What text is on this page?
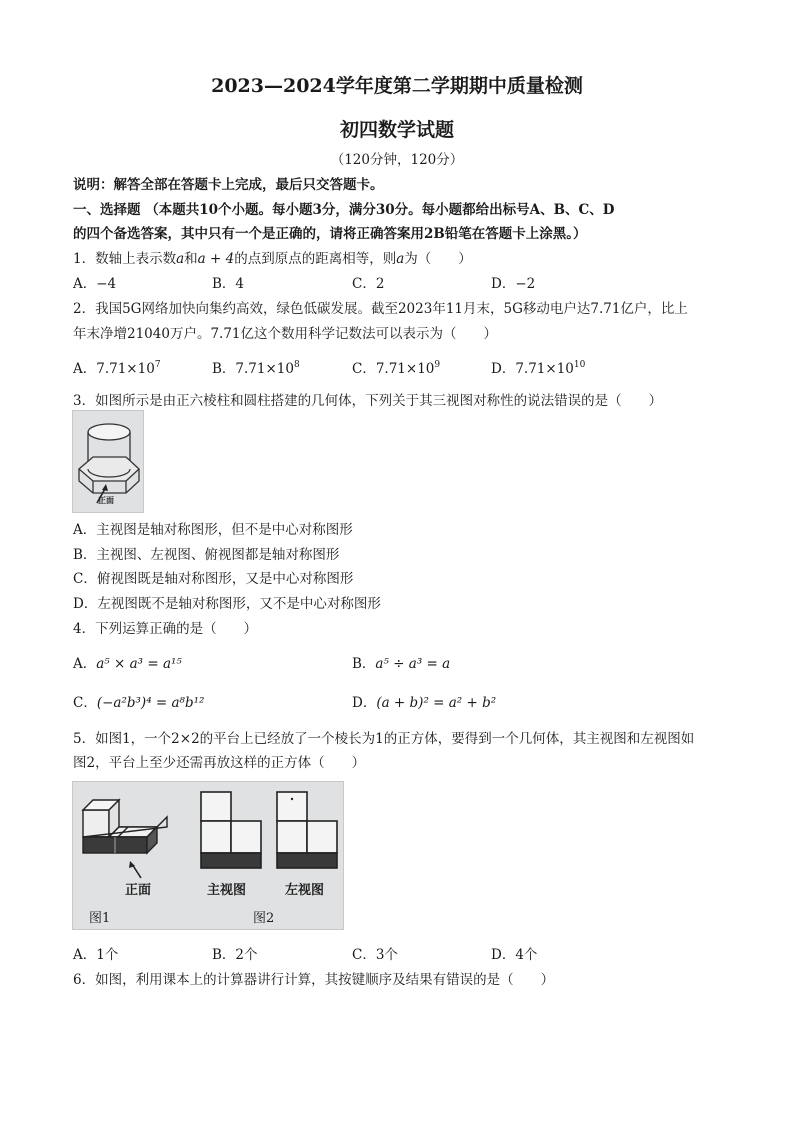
2023—2024学年度第二学期期中质量检测
初四数学试题
（120分钟，120分）
说明：解答全部在答题卡上完成，最后只交答题卡。
一、选择题 （本题共10个小题。每小题3分，满分30分。每小题都给出标号A、B、C、D
的四个备选答案，其中只有一个是正确的，请将正确答案用2B铅笔在答题卡上涂黑。）
1．数轴上表示数a和a + 4的点到原点的距离相等，则a为（　　）
A．−4	B．4	C．2	D．−2
2．我国5G网络加快向集约高效，绿色低碳发展。截至2023年11月末，5G移动电户达7.71亿户，比上
年末净增21040万户。7.71亿这个数用科学记数法可以表示为（　　）
A．$7.71\times 10^7$	B．$7.71\times 10^8$	C．$7.71\times 10^9$	D．$7.71\times 10^{10}$
3．如图所示是由正六棱柱和圆柱搭建的几何体，下列关于其三视图对称性的说法错误的是（　　）
正面
A．主视图是轴对称图形，但不是中心对称图形
B．主视图、左视图、俯视图都是轴对称图形
C．俯视图既是轴对称图形，又是中心对称图形
D．左视图既不是轴对称图形，又不是中心对称图形
4．下列运算正确的是（　　）
A．a⁵ × a³ = a¹⁵	B．a⁵ ÷ a³ = a
C．(−a²b³)⁴ = a⁸b¹²	D．(a + b)² = a² + b²
5．如图1，一个2×2的平台上已经放了一个棱长为1的正方体，要得到一个几何体，其主视图和左视图如
图2，平台上至少还需再放这样的正方体（　　）
正面	主视图	左视图
图1	图2
A．1个	B．2个	C．3个	D．4个
6．如图，利用课本上的计算器讲行计算，其按键顺序及结果有错误的是（　　）
